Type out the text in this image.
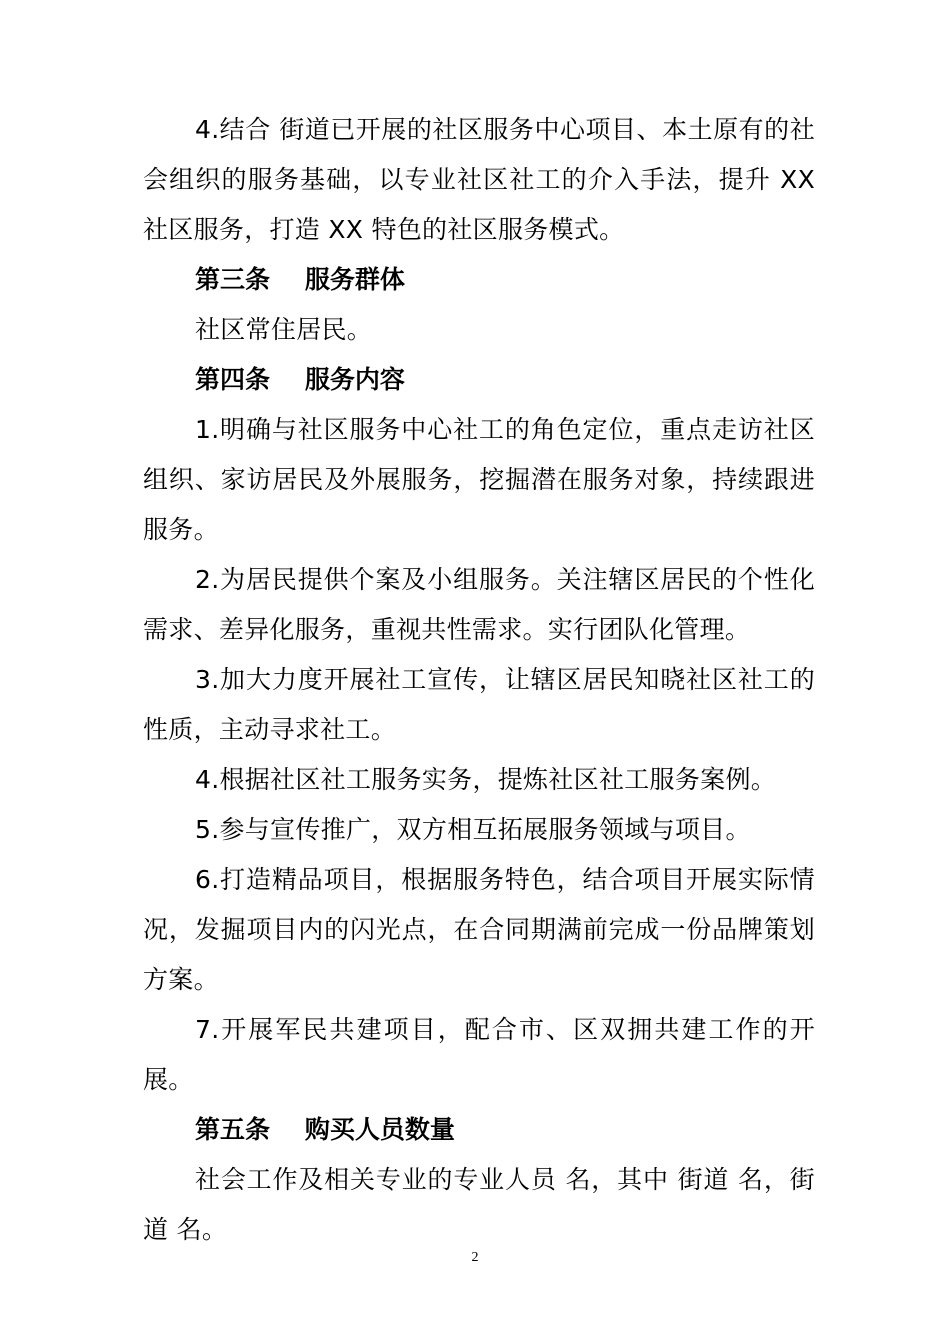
4.结合 街道已开展的社区服务中心项目、本土原有的社会组织的服务基础，以专业社区社工的介入手法，提升 XX社区服务，打造 XX 特色的社区服务模式。

第三条    服务群体

社区常住居民。

第四条    服务内容

1.明确与社区服务中心社工的角色定位，重点走访社区组织、家访居民及外展服务，挖掘潜在服务对象，持续跟进服务。

2.为居民提供个案及小组服务。关注辖区居民的个性化需求、差异化服务，重视共性需求。实行团队化管理。

3.加大力度开展社工宣传，让辖区居民知晓社区社工的性质，主动寻求社工。

4.根据社区社工服务实务，提炼社区社工服务案例。

5.参与宣传推广，双方相互拓展服务领域与项目。

6.打造精品项目，根据服务特色，结合项目开展实际情况，发掘项目内的闪光点，在合同期满前完成一份品牌策划方案。

7.开展军民共建项目，配合市、区双拥共建工作的开展。

第五条    购买人员数量

社会工作及相关专业的专业人员 名，其中 街道 名，街道 名。

2
